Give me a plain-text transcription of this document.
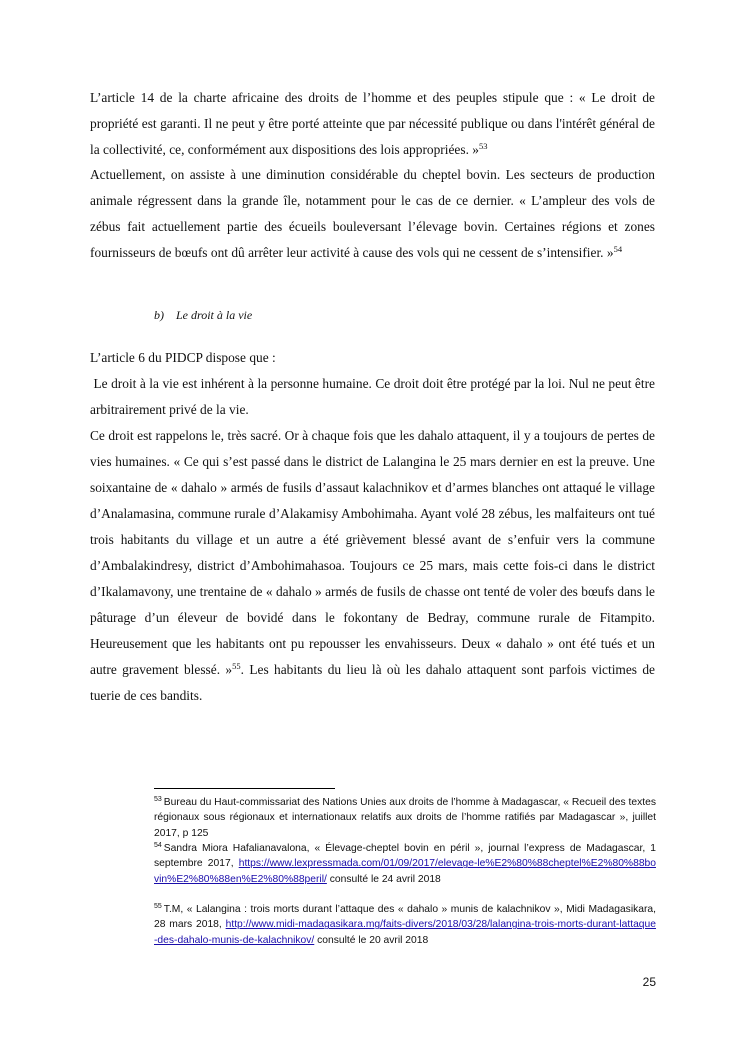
L’article 14 de la charte africaine des droits de l’homme et des peuples stipule que : « Le droit de propriété est garanti. Il ne peut y être porté atteinte que par nécessité publique ou dans l'intérêt général de la collectivité, ce, conformément aux dispositions des lois appropriées. »$^{53}$

Actuellement, on assiste à une diminution considérable du cheptel bovin. Les secteurs de production animale régressent dans la grande île, notamment pour le cas de ce dernier. « L’ampleur des vols de zébus fait actuellement partie des écueils bouleversant l’élevage bovin. Certaines régions et zones fournisseurs de bœufs ont dû arrêter leur activité à cause des vols qui ne cessent de s’intensifier. »$^{54}$

b) Le droit à la vie

L’article 6 du PIDCP dispose que :

Le droit à la vie est inhérent à la personne humaine. Ce droit doit être protégé par la loi. Nul ne peut être arbitrairement privé de la vie.

Ce droit est rappelons le, très sacré. Or à chaque fois que les dahalo attaquent, il y a toujours de pertes de vies humaines. « Ce qui s’est passé dans le district de Lalangina le 25 mars dernier en est la preuve. Une soixantaine de « dahalo » armés de fusils d’assaut kalachnikov et d’armes blanches ont attaqué le village d’Analamasina, commune rurale d’Alakamisy Ambohimaha. Ayant volé 28 zébus, les malfaiteurs ont tué trois habitants du village et un autre a été grièvement blessé avant de s’enfuir vers la commune d’Ambalakindresy, district d’Ambohimahasoa. Toujours ce 25 mars, mais cette fois-ci dans le district d’Ikalamavony, une trentaine de « dahalo » armés de fusils de chasse ont tenté de voler des bœufs dans le pâturage d’un éleveur de bovidé dans le fokontany de Bedray, commune rurale de Fitampito. Heureusement que les habitants ont pu repousser les envahisseurs. Deux « dahalo » ont été tués et un autre gravement blessé. »$^{55}$. Les habitants du lieu là où les dahalo attaquent sont parfois victimes de tuerie de ces bandits.

$^{53}$ Bureau du Haut-commissariat des Nations Unies aux droits de l’homme à Madagascar, « Recueil des textes régionaux sous régionaux et internationaux relatifs aux droits de l’homme ratifiés par Madagascar », juillet 2017, p 125

$^{54}$ Sandra Miora Hafalianavalona, « Élevage-cheptel bovin en péril », journal l’express de Madagascar, 1 septembre 2017, https://www.lexpressmada.com/01/09/2017/elevage-le%E2%80%88cheptel%E2%80%88bovin%E2%80%88en%E2%80%88peril/ consulté le 24 avril 2018

$^{55}$ T.M, « Lalangina : trois morts durant l’attaque des « dahalo » munis de kalachnikov », Midi Madagasikara, 28 mars 2018, http://www.midi-madagasikara.mg/faits-divers/2018/03/28/lalangina-trois-morts-durant-lattaque-des-dahalo-munis-de-kalachnikov/ consulté le 20 avril 2018

25
